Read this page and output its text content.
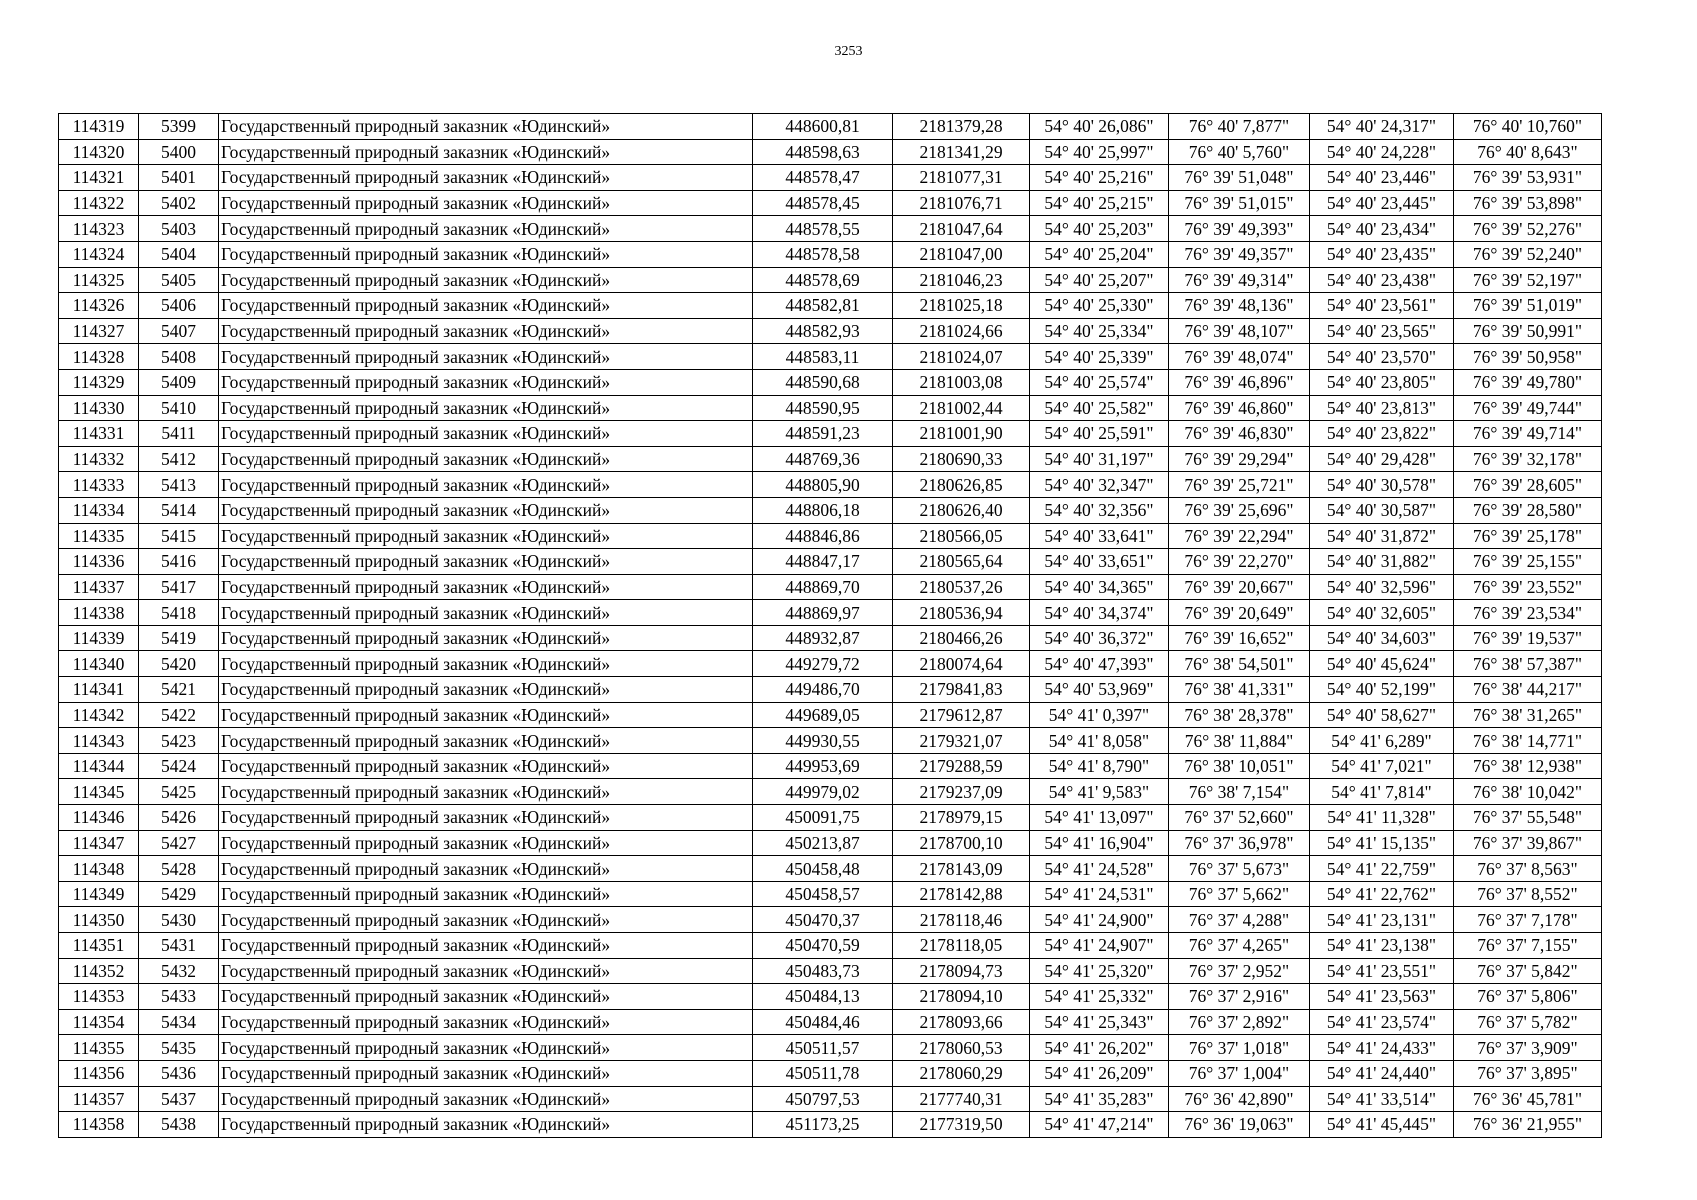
3253
114319	5399	Государственный природный заказник «Юдинский»	448600,81	2181379,28	54° 40' 26,086"	76° 40' 7,877"	54° 40' 24,317"	76° 40' 10,760"
114320	5400	Государственный природный заказник «Юдинский»	448598,63	2181341,29	54° 40' 25,997"	76° 40' 5,760"	54° 40' 24,228"	76° 40' 8,643"
114321	5401	Государственный природный заказник «Юдинский»	448578,47	2181077,31	54° 40' 25,216"	76° 39' 51,048"	54° 40' 23,446"	76° 39' 53,931"
114322	5402	Государственный природный заказник «Юдинский»	448578,45	2181076,71	54° 40' 25,215"	76° 39' 51,015"	54° 40' 23,445"	76° 39' 53,898"
114323	5403	Государственный природный заказник «Юдинский»	448578,55	2181047,64	54° 40' 25,203"	76° 39' 49,393"	54° 40' 23,434"	76° 39' 52,276"
114324	5404	Государственный природный заказник «Юдинский»	448578,58	2181047,00	54° 40' 25,204"	76° 39' 49,357"	54° 40' 23,435"	76° 39' 52,240"
114325	5405	Государственный природный заказник «Юдинский»	448578,69	2181046,23	54° 40' 25,207"	76° 39' 49,314"	54° 40' 23,438"	76° 39' 52,197"
114326	5406	Государственный природный заказник «Юдинский»	448582,81	2181025,18	54° 40' 25,330"	76° 39' 48,136"	54° 40' 23,561"	76° 39' 51,019"
114327	5407	Государственный природный заказник «Юдинский»	448582,93	2181024,66	54° 40' 25,334"	76° 39' 48,107"	54° 40' 23,565"	76° 39' 50,991"
114328	5408	Государственный природный заказник «Юдинский»	448583,11	2181024,07	54° 40' 25,339"	76° 39' 48,074"	54° 40' 23,570"	76° 39' 50,958"
114329	5409	Государственный природный заказник «Юдинский»	448590,68	2181003,08	54° 40' 25,574"	76° 39' 46,896"	54° 40' 23,805"	76° 39' 49,780"
114330	5410	Государственный природный заказник «Юдинский»	448590,95	2181002,44	54° 40' 25,582"	76° 39' 46,860"	54° 40' 23,813"	76° 39' 49,744"
114331	5411	Государственный природный заказник «Юдинский»	448591,23	2181001,90	54° 40' 25,591"	76° 39' 46,830"	54° 40' 23,822"	76° 39' 49,714"
114332	5412	Государственный природный заказник «Юдинский»	448769,36	2180690,33	54° 40' 31,197"	76° 39' 29,294"	54° 40' 29,428"	76° 39' 32,178"
114333	5413	Государственный природный заказник «Юдинский»	448805,90	2180626,85	54° 40' 32,347"	76° 39' 25,721"	54° 40' 30,578"	76° 39' 28,605"
114334	5414	Государственный природный заказник «Юдинский»	448806,18	2180626,40	54° 40' 32,356"	76° 39' 25,696"	54° 40' 30,587"	76° 39' 28,580"
114335	5415	Государственный природный заказник «Юдинский»	448846,86	2180566,05	54° 40' 33,641"	76° 39' 22,294"	54° 40' 31,872"	76° 39' 25,178"
114336	5416	Государственный природный заказник «Юдинский»	448847,17	2180565,64	54° 40' 33,651"	76° 39' 22,270"	54° 40' 31,882"	76° 39' 25,155"
114337	5417	Государственный природный заказник «Юдинский»	448869,70	2180537,26	54° 40' 34,365"	76° 39' 20,667"	54° 40' 32,596"	76° 39' 23,552"
114338	5418	Государственный природный заказник «Юдинский»	448869,97	2180536,94	54° 40' 34,374"	76° 39' 20,649"	54° 40' 32,605"	76° 39' 23,534"
114339	5419	Государственный природный заказник «Юдинский»	448932,87	2180466,26	54° 40' 36,372"	76° 39' 16,652"	54° 40' 34,603"	76° 39' 19,537"
114340	5420	Государственный природный заказник «Юдинский»	449279,72	2180074,64	54° 40' 47,393"	76° 38' 54,501"	54° 40' 45,624"	76° 38' 57,387"
114341	5421	Государственный природный заказник «Юдинский»	449486,70	2179841,83	54° 40' 53,969"	76° 38' 41,331"	54° 40' 52,199"	76° 38' 44,217"
114342	5422	Государственный природный заказник «Юдинский»	449689,05	2179612,87	54° 41' 0,397"	76° 38' 28,378"	54° 40' 58,627"	76° 38' 31,265"
114343	5423	Государственный природный заказник «Юдинский»	449930,55	2179321,07	54° 41' 8,058"	76° 38' 11,884"	54° 41' 6,289"	76° 38' 14,771"
114344	5424	Государственный природный заказник «Юдинский»	449953,69	2179288,59	54° 41' 8,790"	76° 38' 10,051"	54° 41' 7,021"	76° 38' 12,938"
114345	5425	Государственный природный заказник «Юдинский»	449979,02	2179237,09	54° 41' 9,583"	76° 38' 7,154"	54° 41' 7,814"	76° 38' 10,042"
114346	5426	Государственный природный заказник «Юдинский»	450091,75	2178979,15	54° 41' 13,097"	76° 37' 52,660"	54° 41' 11,328"	76° 37' 55,548"
114347	5427	Государственный природный заказник «Юдинский»	450213,87	2178700,10	54° 41' 16,904"	76° 37' 36,978"	54° 41' 15,135"	76° 37' 39,867"
114348	5428	Государственный природный заказник «Юдинский»	450458,48	2178143,09	54° 41' 24,528"	76° 37' 5,673"	54° 41' 22,759"	76° 37' 8,563"
114349	5429	Государственный природный заказник «Юдинский»	450458,57	2178142,88	54° 41' 24,531"	76° 37' 5,662"	54° 41' 22,762"	76° 37' 8,552"
114350	5430	Государственный природный заказник «Юдинский»	450470,37	2178118,46	54° 41' 24,900"	76° 37' 4,288"	54° 41' 23,131"	76° 37' 7,178"
114351	5431	Государственный природный заказник «Юдинский»	450470,59	2178118,05	54° 41' 24,907"	76° 37' 4,265"	54° 41' 23,138"	76° 37' 7,155"
114352	5432	Государственный природный заказник «Юдинский»	450483,73	2178094,73	54° 41' 25,320"	76° 37' 2,952"	54° 41' 23,551"	76° 37' 5,842"
114353	5433	Государственный природный заказник «Юдинский»	450484,13	2178094,10	54° 41' 25,332"	76° 37' 2,916"	54° 41' 23,563"	76° 37' 5,806"
114354	5434	Государственный природный заказник «Юдинский»	450484,46	2178093,66	54° 41' 25,343"	76° 37' 2,892"	54° 41' 23,574"	76° 37' 5,782"
114355	5435	Государственный природный заказник «Юдинский»	450511,57	2178060,53	54° 41' 26,202"	76° 37' 1,018"	54° 41' 24,433"	76° 37' 3,909"
114356	5436	Государственный природный заказник «Юдинский»	450511,78	2178060,29	54° 41' 26,209"	76° 37' 1,004"	54° 41' 24,440"	76° 37' 3,895"
114357	5437	Государственный природный заказник «Юдинский»	450797,53	2177740,31	54° 41' 35,283"	76° 36' 42,890"	54° 41' 33,514"	76° 36' 45,781"
114358	5438	Государственный природный заказник «Юдинский»	451173,25	2177319,50	54° 41' 47,214"	76° 36' 19,063"	54° 41' 45,445"	76° 36' 21,955"
